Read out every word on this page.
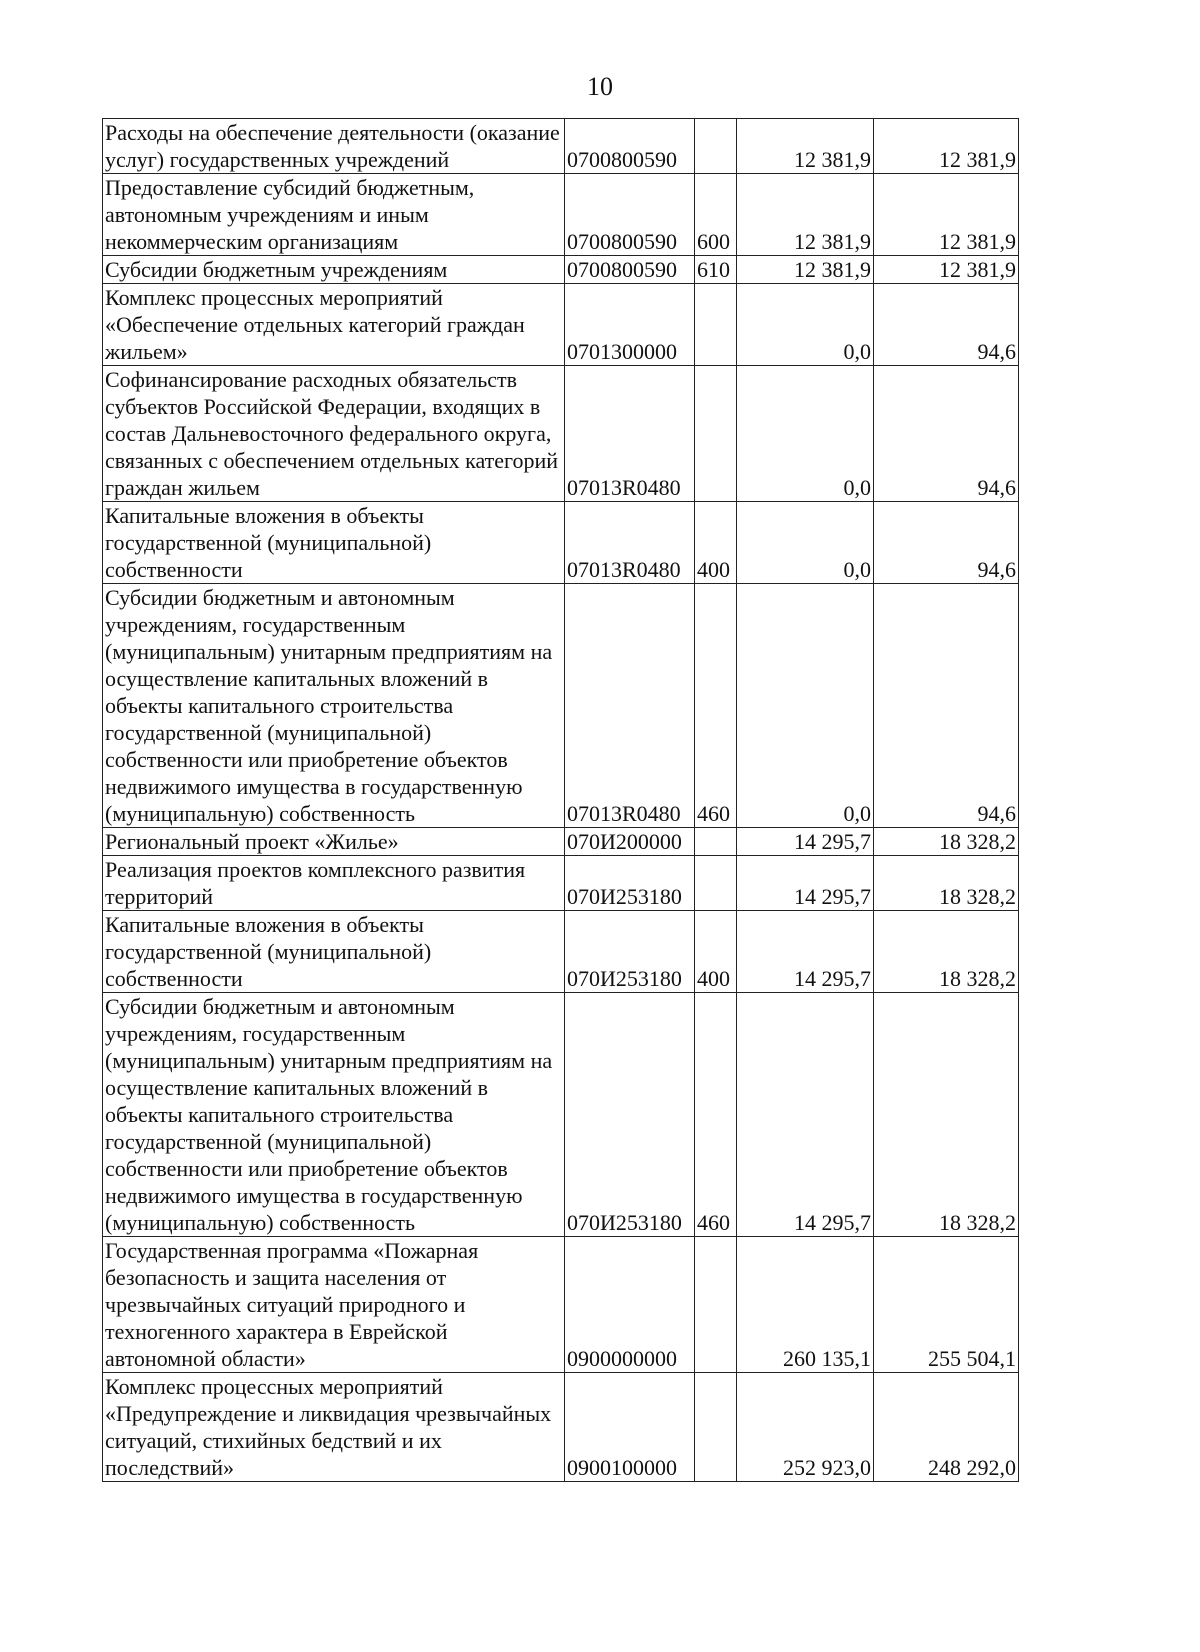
10
Расходы на обеспечение деятельности (оказание услуг) государственных учреждений	0700800590		12 381,9	12 381,9
Предоставление субсидий бюджетным, автономным учреждениям и иным некоммерческим организациям	0700800590	600	12 381,9	12 381,9
Субсидии бюджетным учреждениям	0700800590	610	12 381,9	12 381,9
Комплекс процессных мероприятий «Обеспечение отдельных категорий граждан жильем»	0701300000		0,0	94,6
Софинансирование расходных обязательств субъектов Российской Федерации, входящих в состав Дальневосточного федерального округа, связанных с обеспечением отдельных категорий граждан жильем	07013R0480		0,0	94,6
Капитальные вложения в объекты государственной (муниципальной) собственности	07013R0480	400	0,0	94,6
Субсидии бюджетным и автономным учреждениям, государственным (муниципальным) унитарным предприятиям на осуществление капитальных вложений в объекты капитального строительства государственной (муниципальной) собственности или приобретение объектов недвижимого имущества в государственную (муниципальную) собственность	07013R0480	460	0,0	94,6
Региональный проект «Жилье»	070И200000		14 295,7	18 328,2
Реализация проектов комплексного развития территорий	070И253180		14 295,7	18 328,2
Капитальные вложения в объекты государственной (муниципальной) собственности	070И253180	400	14 295,7	18 328,2
Субсидии бюджетным и автономным учреждениям, государственным (муниципальным) унитарным предприятиям на осуществление капитальных вложений в объекты капитального строительства государственной (муниципальной) собственности или приобретение объектов недвижимого имущества в государственную (муниципальную) собственность	070И253180	460	14 295,7	18 328,2
Государственная программа «Пожарная безопасность и защита населения от чрезвычайных ситуаций природного и техногенного характера в Еврейской автономной области»	0900000000		260 135,1	255 504,1
Комплекс процессных мероприятий «Предупреждение и ликвидация чрезвычайных ситуаций, стихийных бедствий и их последствий»	0900100000		252 923,0	248 292,0
